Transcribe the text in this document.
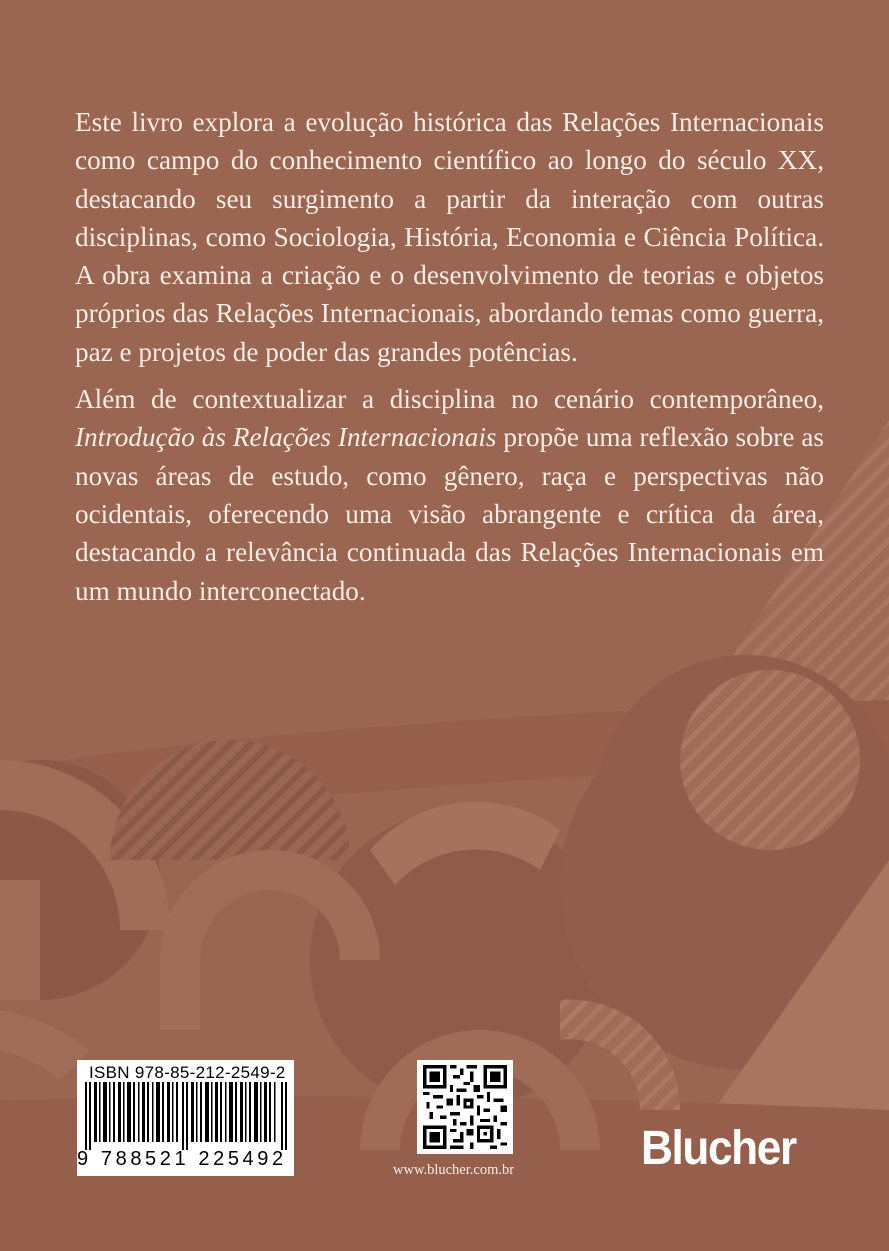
Este livro explora a evolução histórica das Relações Internacionais como campo do conhecimento científico ao longo do século XX, destacando seu surgimento a partir da interação com outras disciplinas, como Sociologia, História, Economia e Ciência Política. A obra examina a criação e o desenvolvimento de teorias e objetos próprios das Relações Internacionais, abordando temas como guerra, paz e projetos de poder das grandes potências.

Além de contextualizar a disciplina no cenário contemporâneo, Introdução às Relações Internacionais propõe uma reflexão sobre as novas áreas de estudo, como gênero, raça e perspectivas não ocidentais, oferecendo uma visão abrangente e crítica da área, destacando a relevância continuada das Relações Internacionais em um mundo interconectado.

ISBN 978-85-212-2549-2
9 788521 225492	www.blucher.com.br	Blucher
